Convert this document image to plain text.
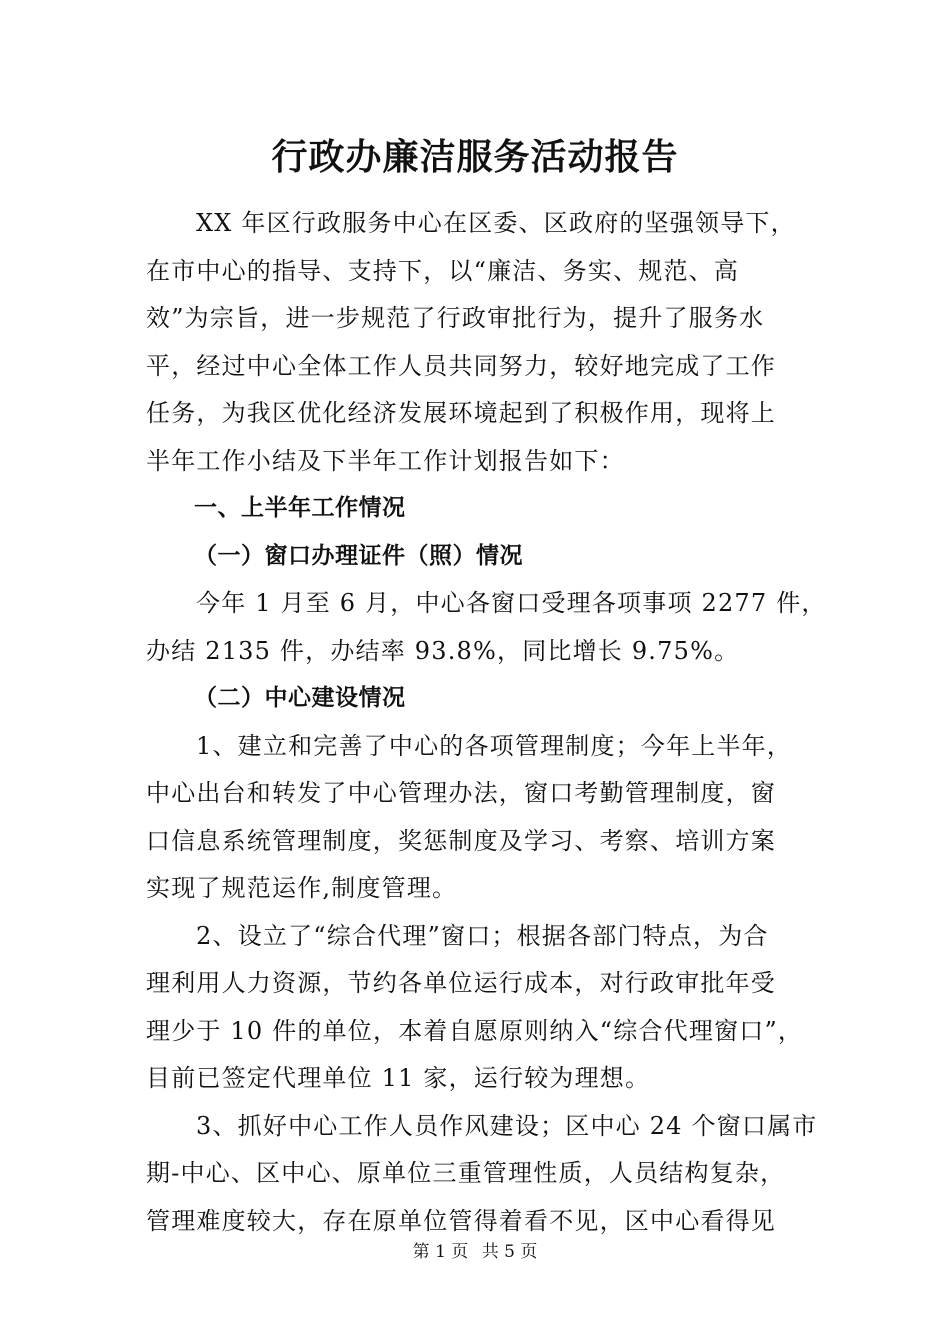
行政办廉洁服务活动报告
XX 年区行政服务中心在区委、区政府的坚强领导下，
在市中心的指导、支持下，以“廉洁、务实、规范、高
效”为宗旨，进一步规范了行政审批行为，提升了服务水
平，经过中心全体工作人员共同努力，较好地完成了工作
任务，为我区优化经济发展环境起到了积极作用，现将上
半年工作小结及下半年工作计划报告如下：
一、上半年工作情况
（一）窗口办理证件（照）情况
今年 1 月至 6 月，中心各窗口受理各项事项 2277 件，
办结 2135 件，办结率 93.8%，同比增长 9.75%。
（二）中心建设情况
1、建立和完善了中心的各项管理制度；今年上半年，
中心出台和转发了中心管理办法，窗口考勤管理制度，窗
口信息系统管理制度，奖惩制度及学习、考察、培训方案
实现了规范运作,制度管理。
2、设立了“综合代理”窗口；根据各部门特点，为合
理利用人力资源，节约各单位运行成本，对行政审批年受
理少于 10 件的单位，本着自愿原则纳入“综合代理窗口”，
目前已签定代理单位 11 家，运行较为理想。
3、抓好中心工作人员作风建设；区中心 24 个窗口属市
期-中心、区中心、原单位三重管理性质，人员结构复杂，
管理难度较大，存在原单位管得着看不见，区中心看得见
第 1 页 共 5 页
